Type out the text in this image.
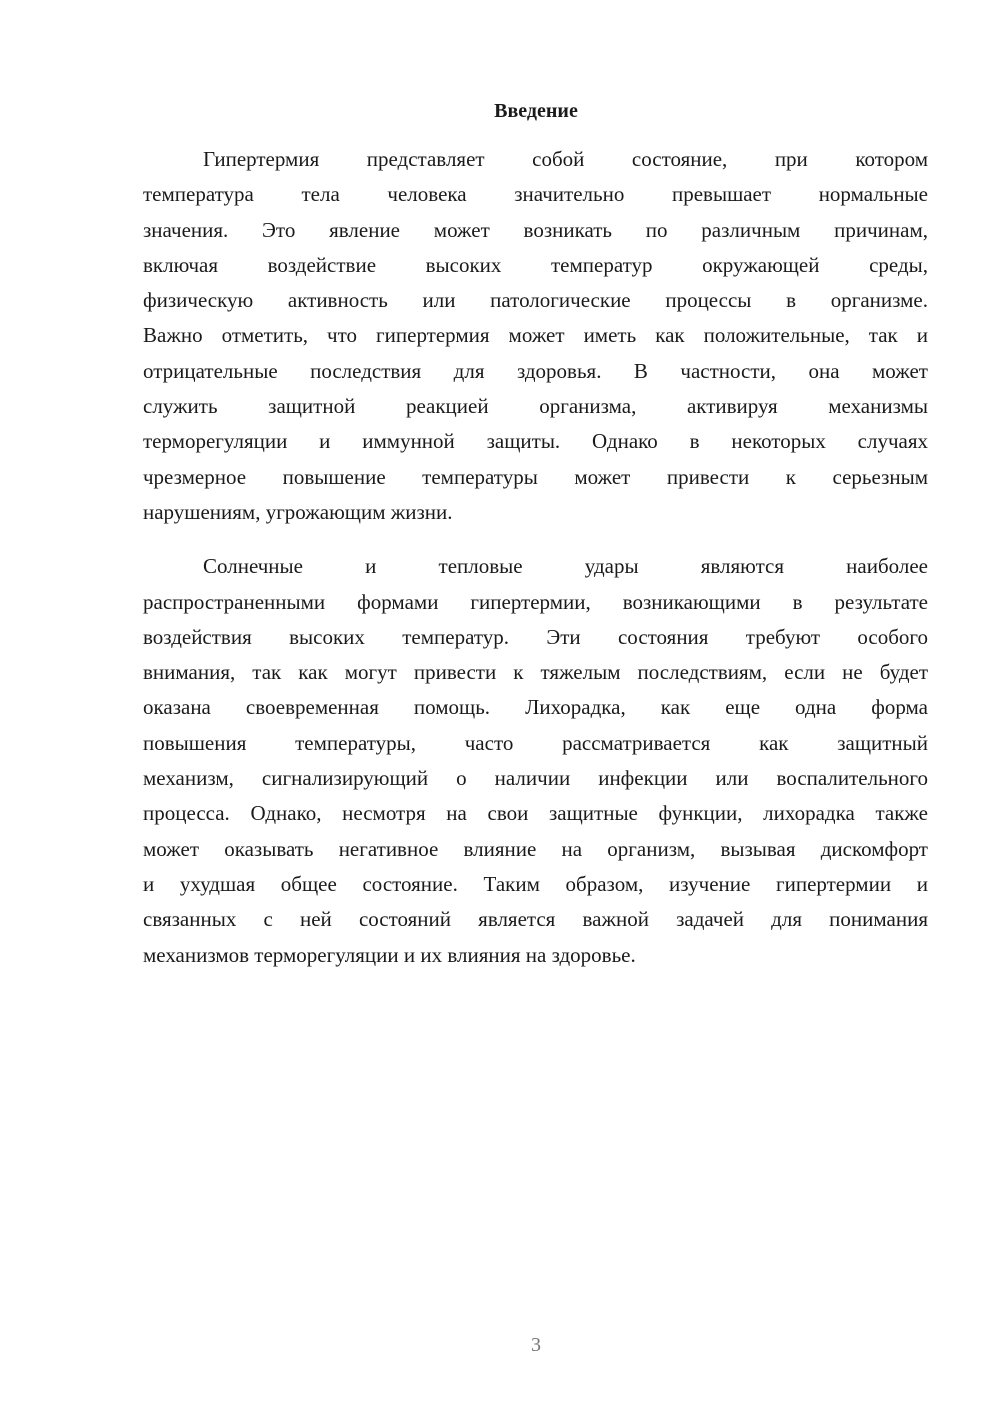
Введение
Гипертермия представляет собой состояние, при котором
температура тела человека значительно превышает нормальные
значения. Это явление может возникать по различным причинам,
включая воздействие высоких температур окружающей среды,
физическую активность или патологические процессы в организме.
Важно отметить, что гипертермия может иметь как положительные, так и
отрицательные последствия для здоровья. В частности, она может
служить защитной реакцией организма, активируя механизмы
терморегуляции и иммунной защиты. Однако в некоторых случаях
чрезмерное повышение температуры может привести к серьезным
нарушениям, угрожающим жизни.
Солнечные и тепловые удары являются наиболее
распространенными формами гипертермии, возникающими в результате
воздействия высоких температур. Эти состояния требуют особого
внимания, так как могут привести к тяжелым последствиям, если не будет
оказана своевременная помощь. Лихорадка, как еще одна форма
повышения температуры, часто рассматривается как защитный
механизм, сигнализирующий о наличии инфекции или воспалительного
процесса. Однако, несмотря на свои защитные функции, лихорадка также
может оказывать негативное влияние на организм, вызывая дискомфорт
и ухудшая общее состояние. Таким образом, изучение гипертермии и
связанных с ней состояний является важной задачей для понимания
механизмов терморегуляции и их влияния на здоровье.
3
